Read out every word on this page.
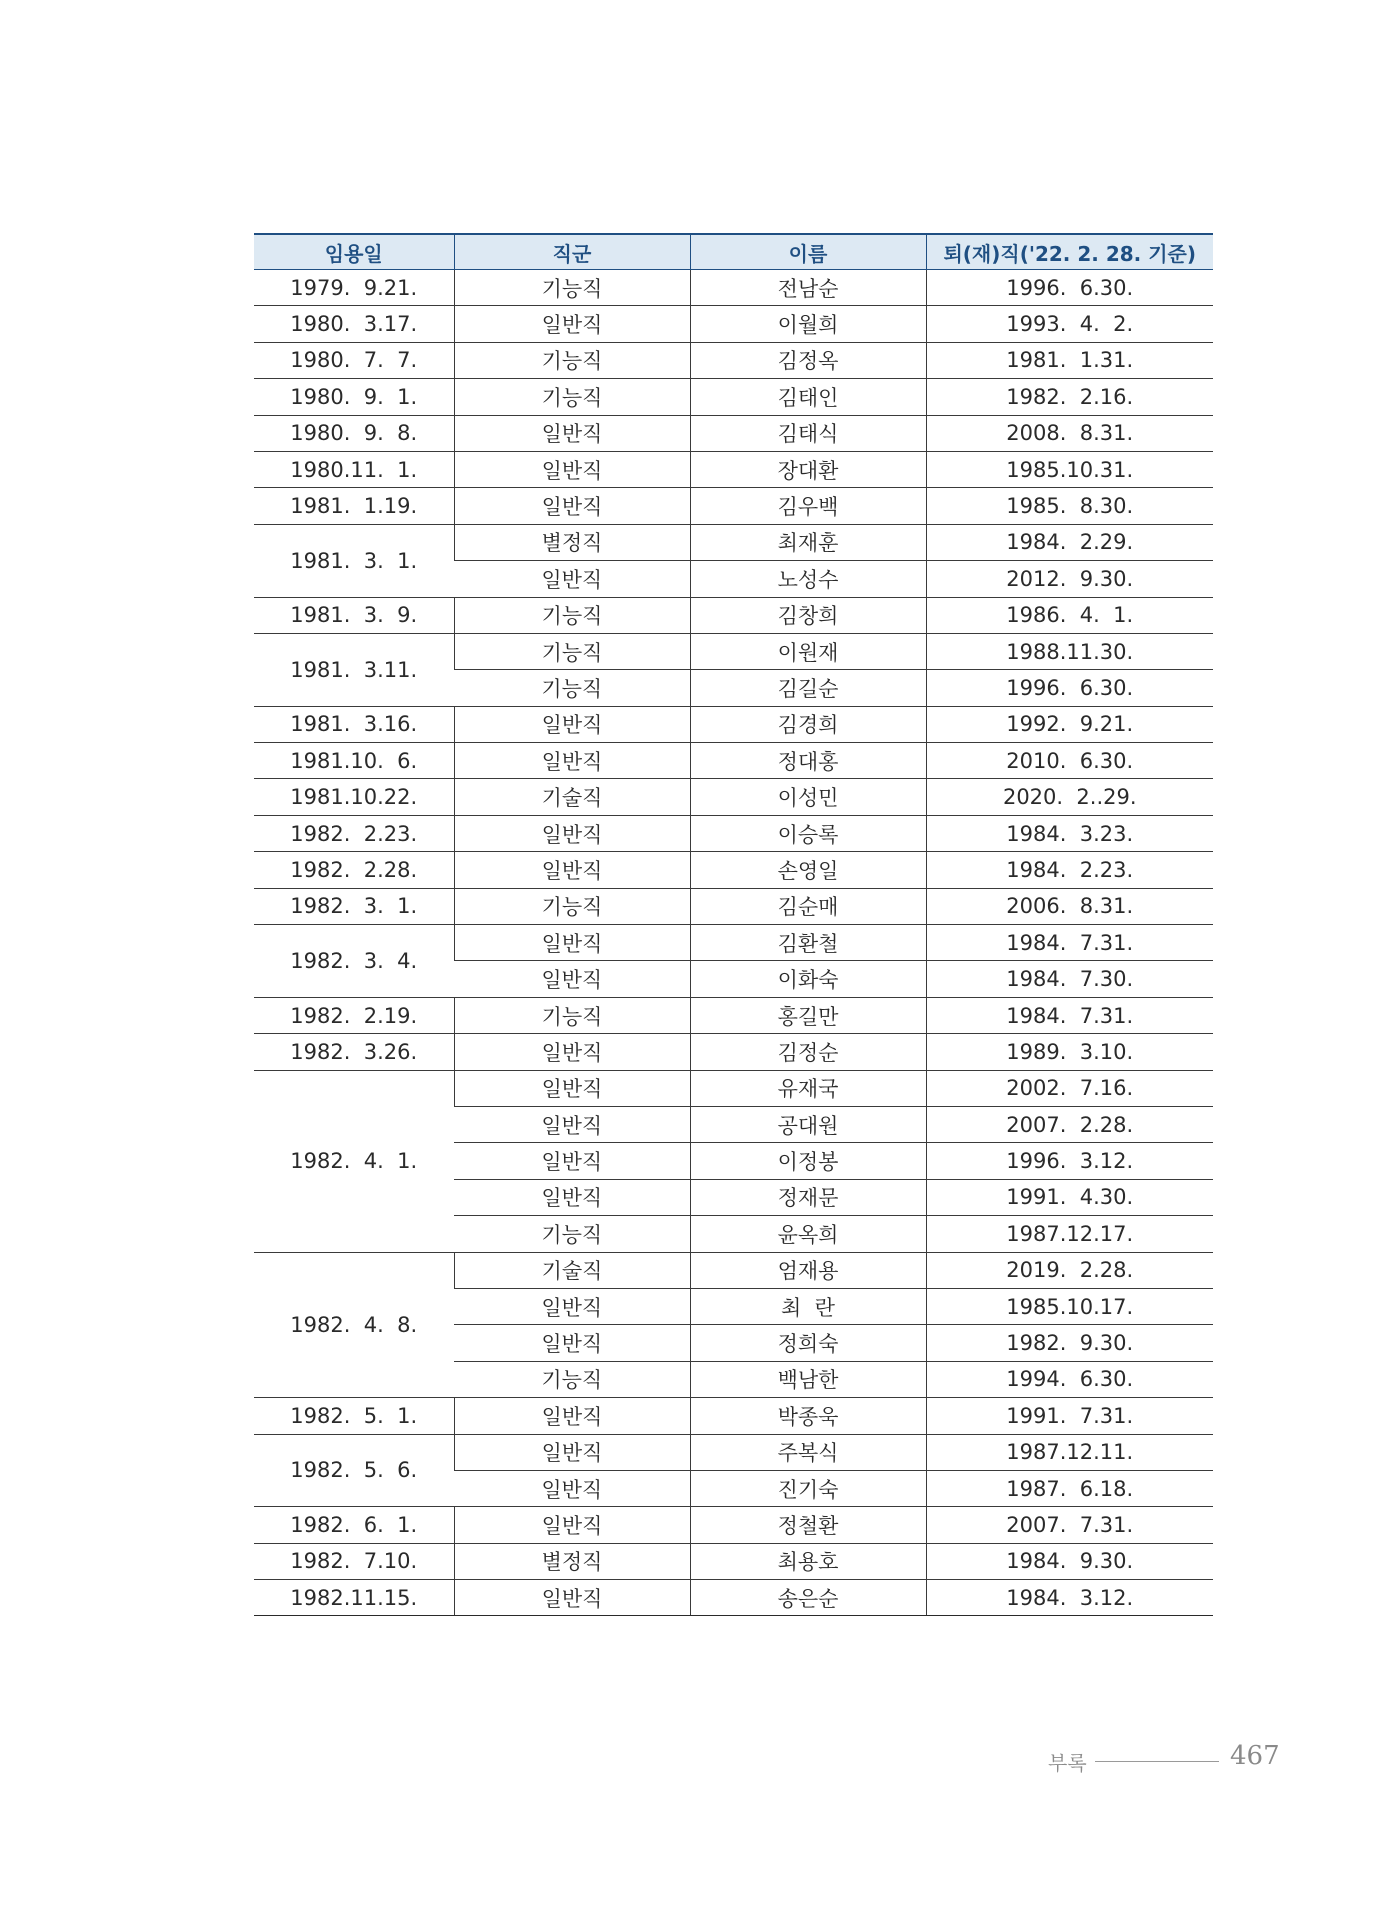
임용일	직군	이름	퇴(재)직('22. 2. 28. 기준)
1979.  9.21.	기능직	전남순	1996.  6.30.
1980.  3.17.	일반직	이월희	1993.  4.  2.
1980.  7.  7.	기능직	김정옥	1981.  1.31.
1980.  9.  1.	기능직	김태인	1982.  2.16.
1980.  9.  8.	일반직	김태식	2008.  8.31.
1980.11.  1.	일반직	장대환	1985.10.31.
1981.  1.19.	일반직	김우백	1985.  8.30.
1981.  3.  1.	별정직	최재훈	1984.  2.29.
	일반직	노성수	2012.  9.30.
1981.  3.  9.	기능직	김창희	1986.  4.  1.
1981.  3.11.	기능직	이원재	1988.11.30.
	기능직	김길순	1996.  6.30.
1981.  3.16.	일반직	김경희	1992.  9.21.
1981.10.  6.	일반직	정대홍	2010.  6.30.
1981.10.22.	기술직	이성민	2020.  2..29.
1982.  2.23.	일반직	이승록	1984.  3.23.
1982.  2.28.	일반직	손영일	1984.  2.23.
1982.  3.  1.	기능직	김순매	2006.  8.31.
1982.  3.  4.	일반직	김환철	1984.  7.31.
	일반직	이화숙	1984.  7.30.
1982.  2.19.	기능직	홍길만	1984.  7.31.
1982.  3.26.	일반직	김정순	1989.  3.10.
1982.  4.  1.	일반직	유재국	2002.  7.16.
	일반직	공대원	2007.  2.28.
	일반직	이정봉	1996.  3.12.
	일반직	정재문	1991.  4.30.
	기능직	윤옥희	1987.12.17.
1982.  4.  8.	기술직	엄재용	2019.  2.28.
	일반직	최  란	1985.10.17.
	일반직	정희숙	1982.  9.30.
	기능직	백남한	1994.  6.30.
1982.  5.  1.	일반직	박종욱	1991.  7.31.
1982.  5.  6.	일반직	주복식	1987.12.11.
	일반직	진기숙	1987.  6.18.
1982.  6.  1.	일반직	정철환	2007.  7.31.
1982.  7.10.	별정직	최용호	1984.  9.30.
1982.11.15.	일반직	송은순	1984.  3.12.
부록	467
